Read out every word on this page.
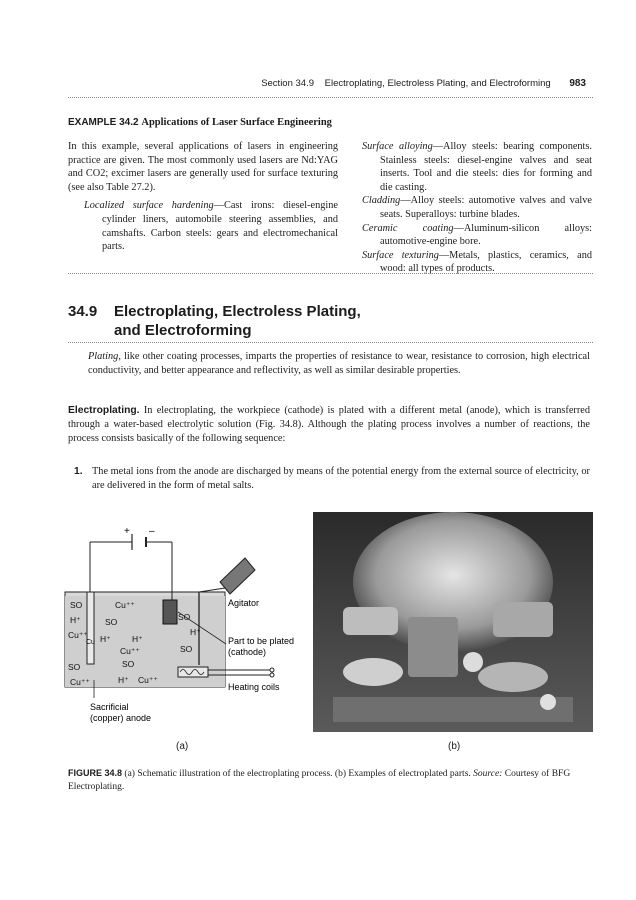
Section 34.9 Electroplating, Electroless Plating, and Electroforming 983
EXAMPLE 34.2 Applications of Laser Surface Engineering

In this example, several applications of lasers in engineering practice are given. The most commonly used lasers are Nd:YAG and CO2; excimer lasers are generally used for surface texturing (see also Table 27.2).

Localized surface hardening—Cast irons: diesel-engine cylinder liners, automobile steering assemblies, and camshafts. Carbon steels: gears and electromechanical parts.

Surface alloying—Alloy steels: bearing components. Stainless steels: diesel-engine valves and seat inserts. Tool and die steels: dies for forming and die casting.

Cladding—Alloy steels: automotive valves and valve seats. Superalloys: turbine blades.

Ceramic coating—Aluminum-silicon alloys: automotive-engine bore.

Surface texturing—Metals, plastics, ceramics, and wood: all types of products.

34.9 Electroplating, Electroless Plating,
and Electroforming

Plating, like other coating processes, imparts the properties of resistance to wear, resistance to corrosion, high electrical conductivity, and better appearance and reflectivity, as well as similar desirable properties.

Electroplating. In electroplating, the workpiece (cathode) is plated with a different metal (anode), which is transferred through a water-based electrolytic solution (Fig. 34.8). Although the plating process involves a number of reactions, the process consists basically of the following sequence:

1. The metal ions from the anode are discharged by means of the potential energy from the external source of electricity, or are delivered in the form of metal salts.
+ –
Cu
SO
H⁺
Cu⁺⁺
SO
Cu⁺⁺
Cu⁺⁺
SO
H⁺	H⁺
Cu⁺⁺
SO
H⁺ Cu⁺⁺
SO
H⁺
SO
Agitator
Part to be plated
(cathode)
Heating coils
Sacrificial
(copper) anode
(a)	(b)
FIGURE 34.8 (a) Schematic illustration of the electroplating process. (b) Examples of electroplated parts. Source: Courtesy of BFG Electroplating.
